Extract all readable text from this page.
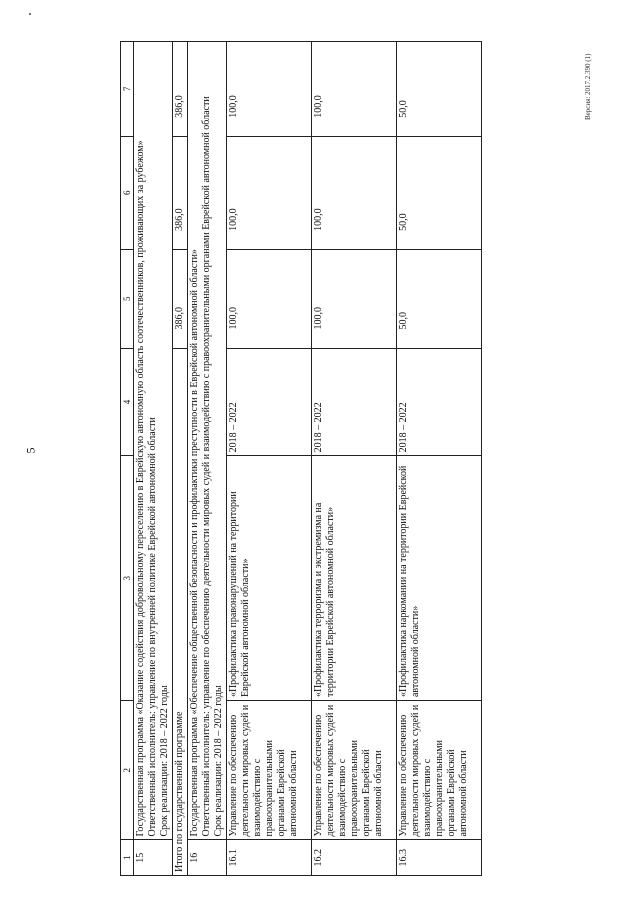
5
Версия: 2017.2.390 (1)
1	2	3	4	5	6	7
15	Государственная программа «Оказание содействия добровольному переселению в Еврейскую автономную область соотечественников, проживающих за рубежом» Ответственный исполнитель: управление по внутренней политике Еврейской автономной области Срок реализации: 2018 – 2022 годы					

Итого по государственной программе				386,0	386,0	386,0
16	Государственная программа «Обеспечение общественной безопасности и профилактики преступности в Еврейской автономной области» Ответственный исполнитель: управление по обеспечению деятельности мировых судей и взаимодействию с правоохранительными органами Еврейской автономной области Срок реализации: 2018 – 2022 годы					

16.1	Управление по обеспечению деятельности мировых судей и взаимодействию с правоохранительными органами Еврейской автономной области	«Профилактика правонарушений на территории Еврейской автономной области»	2018 – 2022	100,0	100,0	100,0
16.2	Управление по обеспечению деятельности мировых судей и взаимодействию с правоохранительными органами Еврейской автономной области	«Профилактика терроризма и экстремизма на территории Еврейской автономной области»	2018 – 2022	100,0	100,0	100,0
16.3	Управление по обеспечению деятельности мировых судей и взаимодействию с правоохранительными органами Еврейской автономной области	«Профилактика наркомании на территории Еврейской автономной области»	2018 – 2022	50,0	50,0	50,0
